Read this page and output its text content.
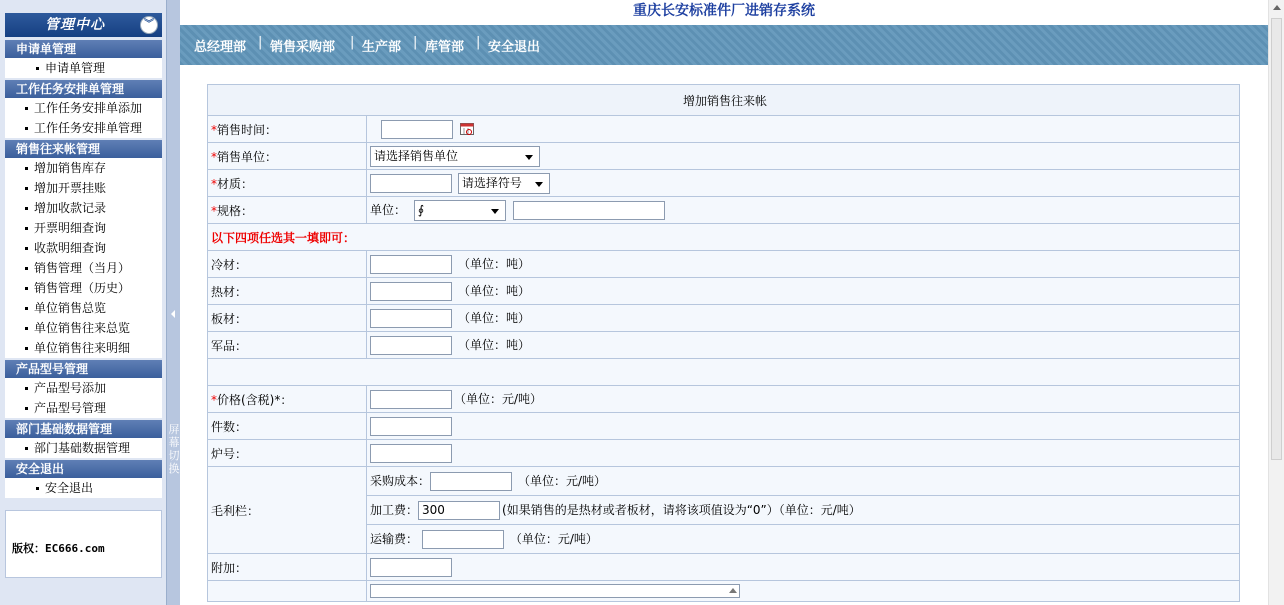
管理中心	︾
申请单管理
申请单管理
工作任务安排单管理
工作任务安排单添加
工作任务安排单管理
销售往来帐管理
增加销售库存
增加开票挂账
增加收款记录
开票明细查询
收款明细查询
销售管理（当月）
销售管理（历史）
单位销售总览
单位销售往来总览
单位销售往来明细
产品型号管理
产品型号添加
产品型号管理
部门基础数据管理
部门基础数据管理
安全退出
安全退出
版权：EC666.com
屏幕切换
重庆长安标准件厂进销存系统
总经理部 | 销售采购部 | 生产部 | 库管部 | 安全退出
增加销售往来帐	
*销售时间：	
*销售单位：	请选择销售单位

*材质：	请选择符号

*规格：	单位： ∮

以下四项任选其一填即可：	
冷材：	（单位：吨）
热材：	（单位：吨）
板材：	（单位：吨）
军品：	（单位：吨）

*价格(含税)*：	（单位：元/吨）
件数：	
炉号：	
毛利栏：	采购成本： （单位：元/吨）
加工费： 300 (如果销售的是热材或者板材，请将该项值设为“0”）（单位：元/吨）
运输费： （单位：元/吨）

附加：	
